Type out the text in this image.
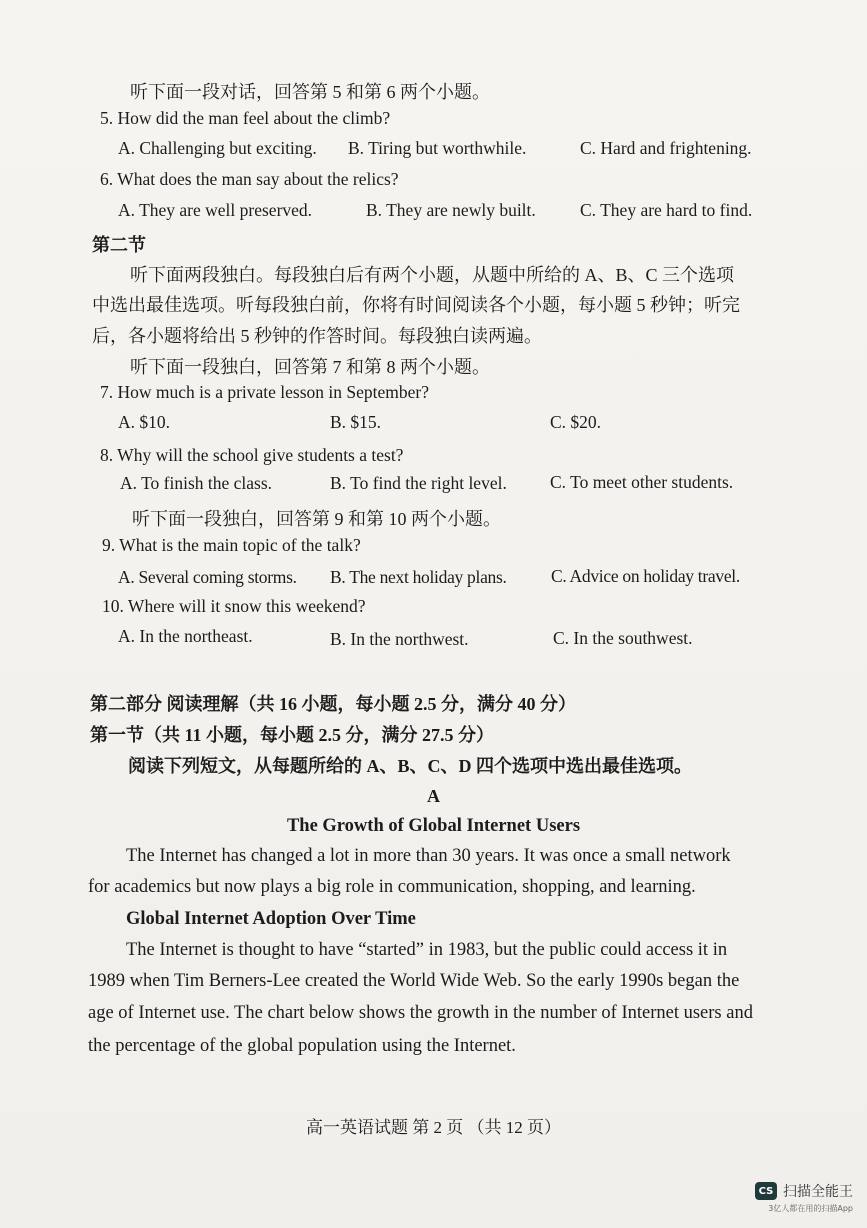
听下面一段对话，回答第 5 和第 6 两个小题。
5. How did the man feel about the climb?
A. Challenging but exciting. B. Tiring but worthwhile.	C. Hard and frightening.
6. What does the man say about the relics?
A. They are well preserved.	B. They are newly built.	C. They are hard to find.
第二节
听下面两段独白。每段独白后有两个小题，从题中所给的 A、B、C 三个选项
中选出最佳选项。听每段独白前，你将有时间阅读各个小题，每小题 5 秒钟；听完
后，各小题将给出 5 秒钟的作答时间。每段独白读两遍。
听下面一段独白，回答第 7 和第 8 两个小题。
7. How much is a private lesson in September?
A. $10.	B. $15.	C. $20.
8. Why will the school give students a test?
A. To finish the class.	B. To find the right level. C. To meet other students.
听下面一段独白，回答第 9 和第 10 两个小题。
9. What is the main topic of the talk?
A. Several coming storms. B. The next holiday plans.	C. Advice on holiday travel.
10. Where will it snow this weekend?
A. In the northeast.	B. In the northwest.	C. In the southwest.
第二部分 阅读理解（共 16 小题，每小题 2.5 分，满分 40 分）
第一节（共 11 小题，每小题 2.5 分，满分 27.5 分）
阅读下列短文，从每题所给的 A、B、C、D 四个选项中选出最佳选项。
A
The Growth of Global Internet Users
The Internet has changed a lot in more than 30 years. It was once a small network
for academics but now plays a big role in communication, shopping, and learning.
Global Internet Adoption Over Time
The Internet is thought to have “started” in 1983, but the public could access it in
1989 when Tim Berners-Lee created the World Wide Web. So the early 1990s began the
age of Internet use. The chart below shows the growth in the number of Internet users and
the percentage of the global population using the Internet.
高一英语试题 第 2 页 （共 12 页）
CS 扫描全能王
3亿人都在用的扫描App
